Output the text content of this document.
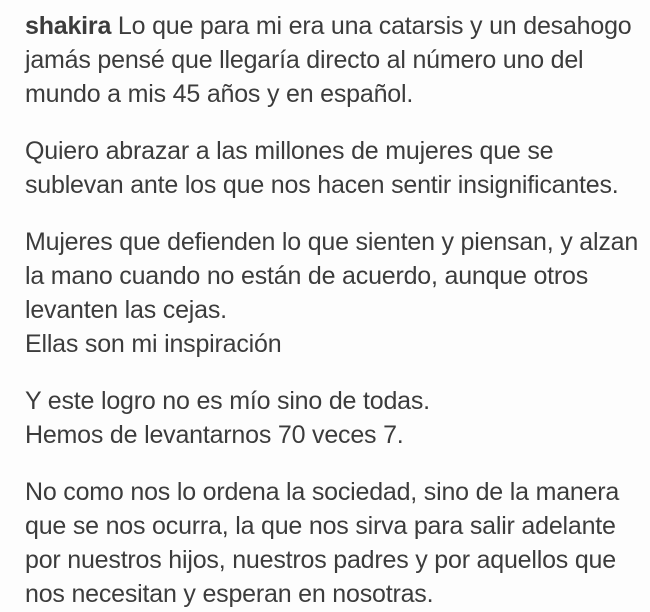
shakira Lo que para mi era una catarsis y un desahogo
jamás pensé que llegaría directo al número uno del
mundo a mis 45 años y en español.
Quiero abrazar a las millones de mujeres que se
sublevan ante los que nos hacen sentir insignificantes.
Mujeres que defienden lo que sienten y piensan, y alzan
la mano cuando no están de acuerdo, aunque otros
levanten las cejas.
Ellas son mi inspiración
Y este logro no es mío sino de todas.
Hemos de levantarnos 70 veces 7.
No como nos lo ordena la sociedad, sino de la manera
que se nos ocurra, la que nos sirva para salir adelante
por nuestros hijos, nuestros padres y por aquellos que
nos necesitan y esperan en nosotras.
